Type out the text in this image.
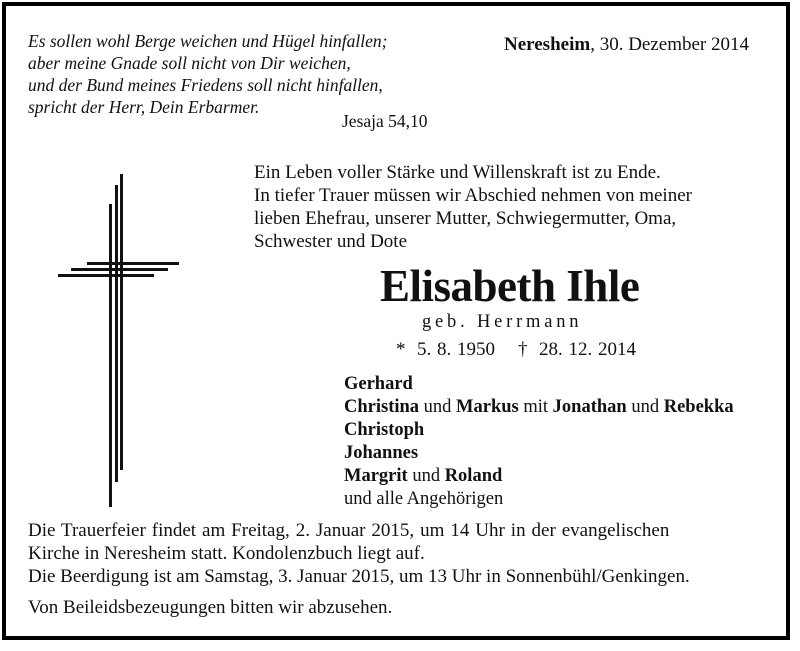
Es sollen wohl Berge weichen und Hügel hinfallen;
aber meine Gnade soll nicht von Dir weichen,
und der Bund meines Friedens soll nicht hinfallen,
spricht der Herr, Dein Erbarmer.
Jesaja 54,10
Neresheim, 30. Dezember 2014
Ein Leben voller Stärke und Willenskraft ist zu Ende.
In tiefer Trauer müssen wir Abschied nehmen von meiner
lieben Ehefrau, unserer Mutter, Schwiegermutter, Oma,
Schwester und Dote
Elisabeth Ihle
geb. Herrmann
*  5. 8. 1950    †  28. 12. 2014
Gerhard
Christina und Markus mit Jonathan und Rebekka
Christoph
Johannes
Margrit und Roland
und alle Angehörigen
Die Trauerfeier findet am Freitag, 2. Januar 2015, um 14 Uhr in der evangelischen
Kirche in Neresheim statt. Kondolenzbuch liegt auf.
Die Beerdigung ist am Samstag, 3. Januar 2015, um 13 Uhr in Sonnenbühl/Genkingen.
Von Beileidsbezeugungen bitten wir abzusehen.
